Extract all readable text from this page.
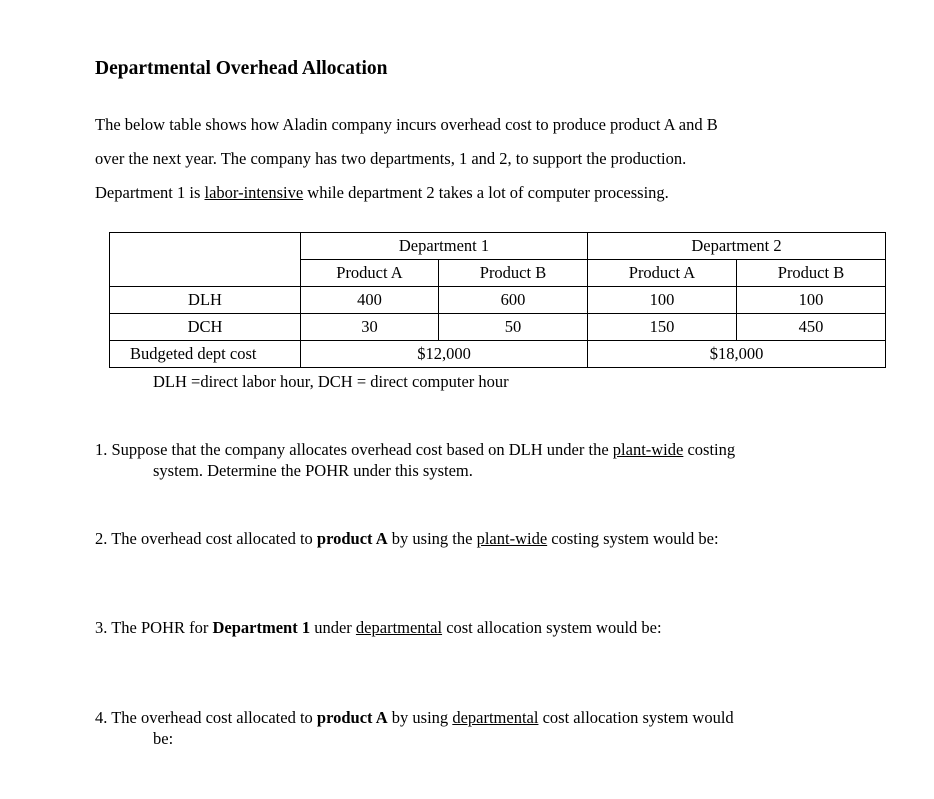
Departmental Overhead Allocation

The below table shows how Aladin company incurs overhead cost to produce product A and B
over the next year. The company has two departments, 1 and 2, to support the production.
Department 1 is labor-intensive while department 2 takes a lot of computer processing.

	Department 1		Department 2	
	Product A	Product B	Product A	Product B
DLH	400	600	100	100
DCH	30	50	150	450
Budgeted dept cost	$12,000		$18,000	

DLH =direct labor hour, DCH = direct computer hour

1. Suppose that the company allocates overhead cost based on DLH under the plant-wide costing
system. Determine the POHR under this system.

2. The overhead cost allocated to product A by using the plant-wide costing system would be:

3. The POHR for Department 1 under departmental cost allocation system would be:

4. The overhead cost allocated to product A by using departmental cost allocation system would
be:
